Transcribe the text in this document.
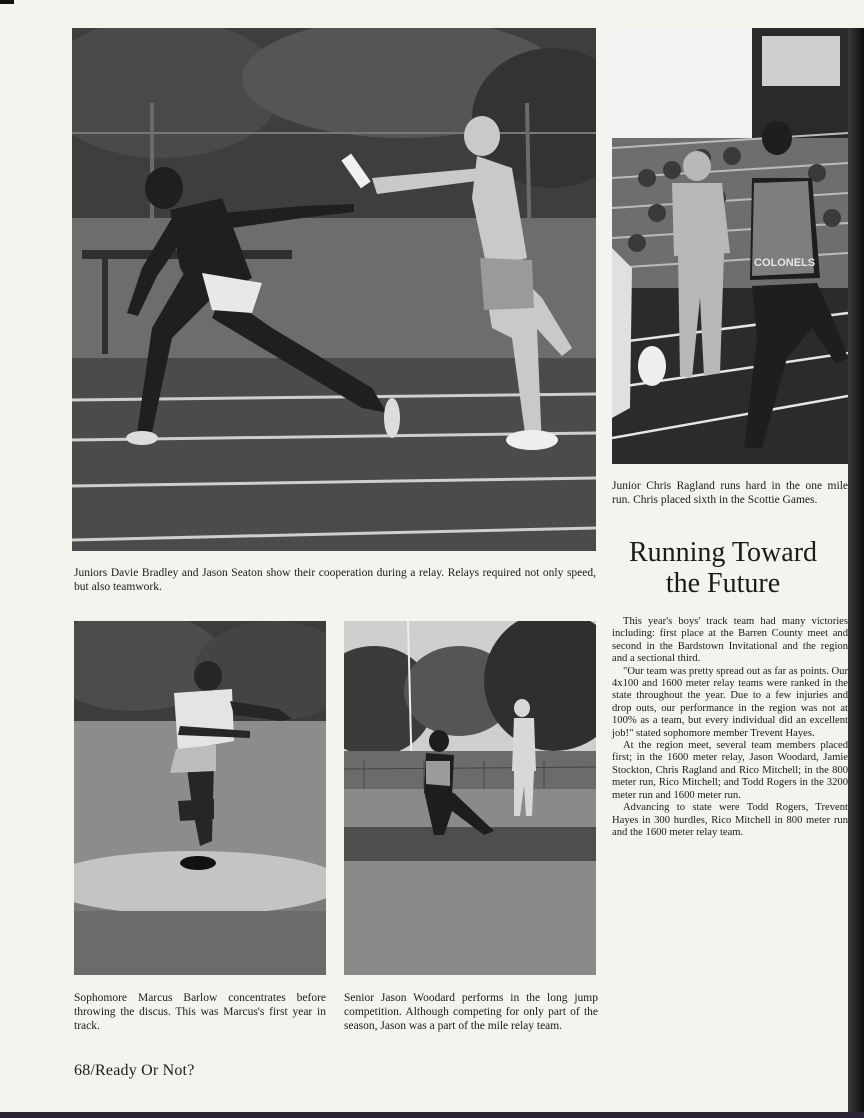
Juniors Davie Bradley and Jason Seaton show their cooperation during a relay. Relays required not only speed, but also teamwork.

COLONELS

Junior Chris Ragland runs hard in the one mile run. Chris placed sixth in the Scottie Games.

Running Toward
the Future

This year's boys' track team had many victories including: first place at the Barren County meet and second in the Bardstown Invitational and the region and a sectional third.

"Our team was pretty spread out as far as points. Our 4x100 and 1600 meter relay teams were ranked in the state throughout the year. Due to a few injuries and drop outs, our performance in the region was not at 100% as a team, but every individual did an excellent job!" stated sophomore member Trevent Hayes.

At the region meet, several team members placed first; in the 1600 meter relay, Jason Woodard, Jamie Stockton, Chris Ragland and Rico Mitchell; in the 800 meter run, Rico Mitchell; and Todd Rogers in the 3200 meter run and 1600 meter run.

Advancing to state were Todd Rogers, Trevent Hayes in 300 hurdles, Rico Mitchell in 800 meter run and the 1600 meter relay team.

Sophomore Marcus Barlow concentrates before throwing the discus. This was Marcus's first year in track.

Senior Jason Woodard performs in the long jump competition. Although competing for only part of the season, Jason was a part of the mile relay team.

68/Ready Or Not?
